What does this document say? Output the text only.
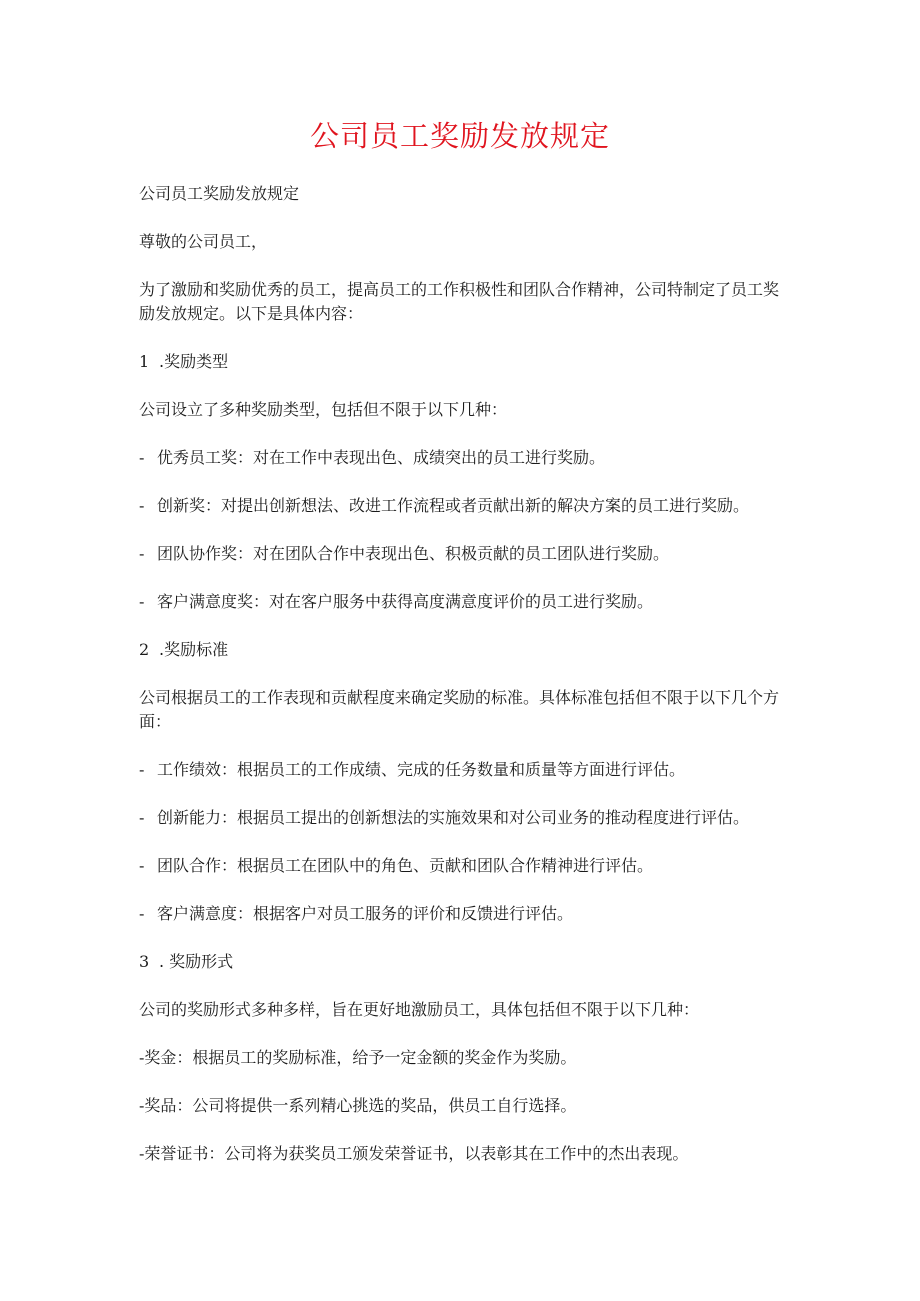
公司员工奖励发放规定

公司员工奖励发放规定

尊敬的公司员工，

为了激励和奖励优秀的员工，提高员工的工作积极性和团队合作精神，公司特制定了员工奖励发放规定。以下是具体内容：

1 .奖励类型

公司设立了多种奖励类型，包括但不限于以下几种：

- 优秀员工奖：对在工作中表现出色、成绩突出的员工进行奖励。

- 创新奖：对提出创新想法、改进工作流程或者贡献出新的解决方案的员工进行奖励。

- 团队协作奖：对在团队合作中表现出色、积极贡献的员工团队进行奖励。

- 客户满意度奖：对在客户服务中获得高度满意度评价的员工进行奖励。

2 .奖励标准

公司根据员工的工作表现和贡献程度来确定奖励的标准。具体标准包括但不限于以下几个方面：

- 工作绩效：根据员工的工作成绩、完成的任务数量和质量等方面进行评估。

- 创新能力：根据员工提出的创新想法的实施效果和对公司业务的推动程度进行评估。

- 团队合作：根据员工在团队中的角色、贡献和团队合作精神进行评估。

- 客户满意度：根据客户对员工服务的评价和反馈进行评估。

3 . 奖励形式

公司的奖励形式多种多样，旨在更好地激励员工，具体包括但不限于以下几种：

-奖金：根据员工的奖励标准，给予一定金额的奖金作为奖励。

-奖品：公司将提供一系列精心挑选的奖品，供员工自行选择。

-荣誉证书：公司将为获奖员工颁发荣誉证书，以表彰其在工作中的杰出表现。
